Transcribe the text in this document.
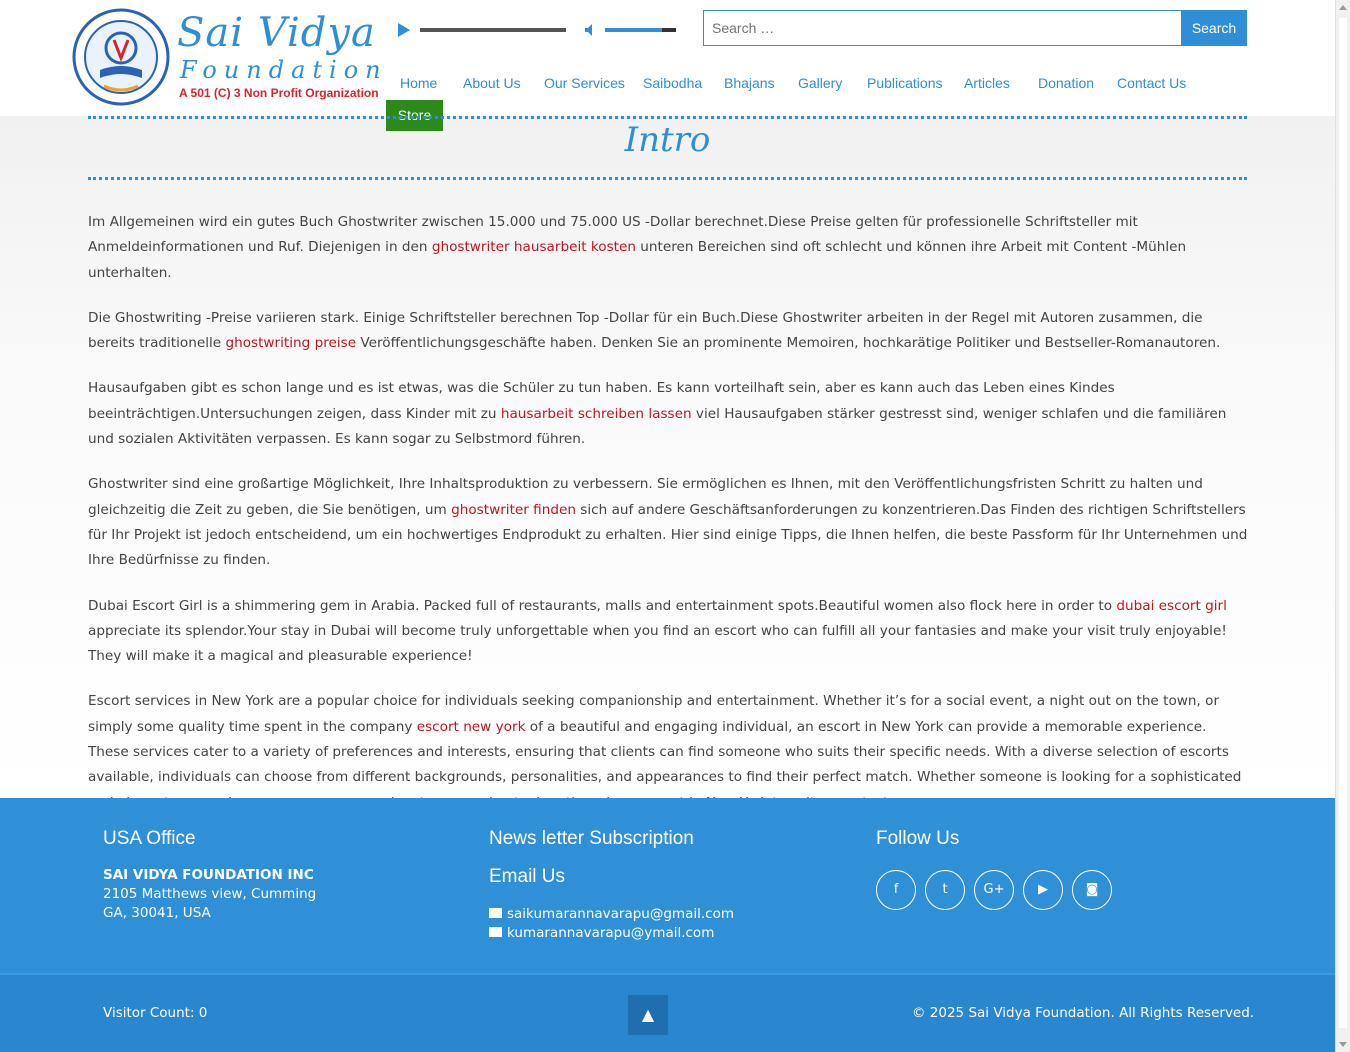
Sai Vidya
Foundation
A 501 (C) 3 Non Profit Organization
Search …
Search
Home About Us Our Services Saibodha Bhajans Gallery Publications Articles Donation Contact Us
Store
Intro

Im Allgemeinen wird ein gutes Buch Ghostwriter zwischen 15.000 und 75.000 US -Dollar berechnet.Diese Preise gelten für professionelle Schriftsteller mit Anmeldeinformationen und Ruf. Diejenigen in den ghostwriter hausarbeit kosten unteren Bereichen sind oft schlecht und können ihre Arbeit mit Content -Mühlen unterhalten.

Die Ghostwriting -Preise variieren stark. Einige Schriftsteller berechnen Top -Dollar für ein Buch.Diese Ghostwriter arbeiten in der Regel mit Autoren zusammen, die bereits traditionelle ghostwriting preise Veröffentlichungsgeschäfte haben. Denken Sie an prominente Memoiren, hochkarätige Politiker und Bestseller-Romanautoren.

Hausaufgaben gibt es schon lange und es ist etwas, was die Schüler zu tun haben. Es kann vorteilhaft sein, aber es kann auch das Leben eines Kindes beeinträchtigen.Untersuchungen zeigen, dass Kinder mit zu hausarbeit schreiben lassen viel Hausaufgaben stärker gestresst sind, weniger schlafen und die familiären und sozialen Aktivitäten verpassen. Es kann sogar zu Selbstmord führen.

Ghostwriter sind eine großartige Möglichkeit, Ihre Inhaltsproduktion zu verbessern. Sie ermöglichen es Ihnen, mit den Veröffentlichungsfristen Schritt zu halten und gleichzeitig die Zeit zu geben, die Sie benötigen, um ghostwriter finden sich auf andere Geschäftsanforderungen zu konzentrieren.Das Finden des richtigen Schriftstellers für Ihr Projekt ist jedoch entscheidend, um ein hochwertiges Endprodukt zu erhalten. Hier sind einige Tipps, die Ihnen helfen, die beste Passform für Ihr Unternehmen und Ihre Bedürfnisse zu finden.

Dubai Escort Girl is a shimmering gem in Arabia. Packed full of restaurants, malls and entertainment spots.Beautiful women also flock here in order to dubai escort girl appreciate its splendor.Your stay in Dubai will become truly unforgettable when you find an escort who can fulfill all your fantasies and make your visit truly enjoyable! They will make it a magical and pleasurable experience!

Escort services in New York are a popular choice for individuals seeking companionship and entertainment. Whether it’s for a social event, a night out on the town, or simply some quality time spent in the company escort new york of a beautiful and engaging individual, an escort in New York can provide a memorable experience. These services cater to a variety of preferences and interests, ensuring that clients can find someone who suits their specific needs. With a diverse selection of escorts available, individuals can choose from different backgrounds, personalities, and appearances to find their perfect match. Whether someone is looking for a sophisticated

USA Office
SAI VIDYA FOUNDATION INC
2105 Matthews view, Cumming
GA, 30041, USA
News letter Subscription
Email Us
saikumarannavarapu@gmail.com
kumarannavarapu@ymail.com
Follow Us
f	t	G+	▶	◙
Visitor Count: 0	▲	© 2025 Sai Vidya Foundation. All Rights Reserved.
